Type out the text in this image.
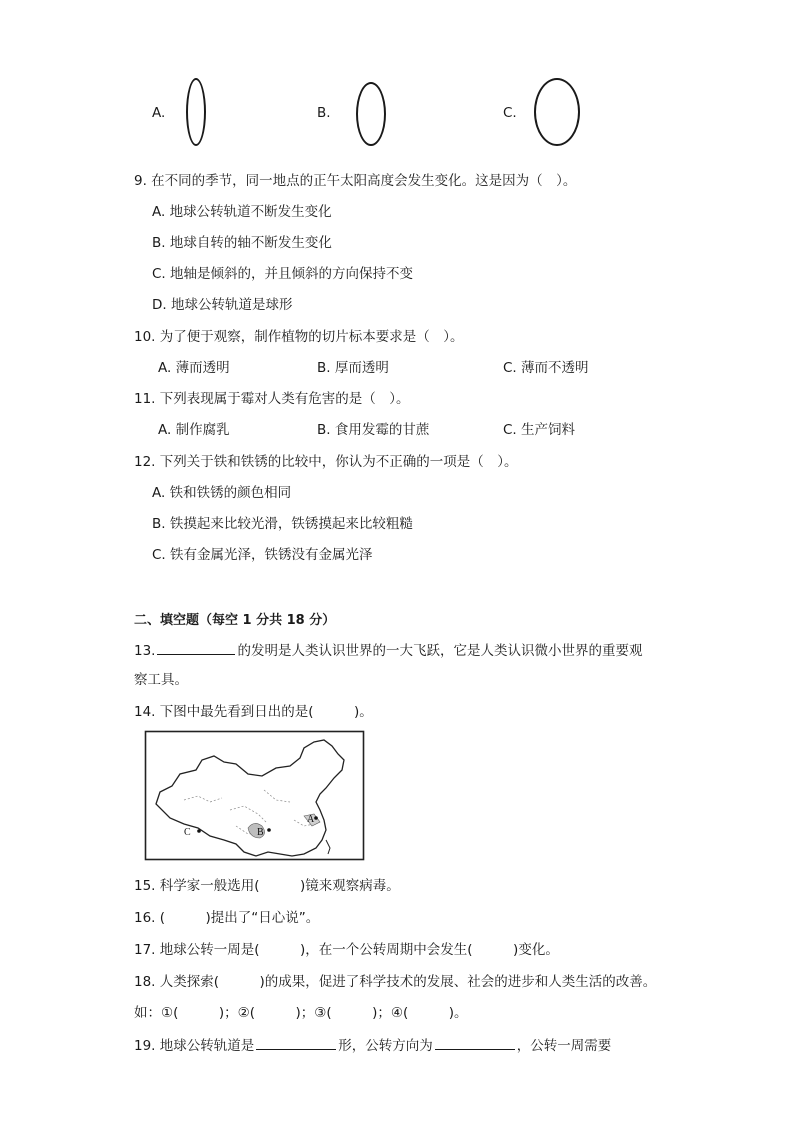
A.	B.	C.
9. 在不同的季节，同一地点的正午太阳高度会发生变化。这是因为（　）。
A. 地球公转轨道不断发生变化
B. 地球自转的轴不断发生变化
C. 地轴是倾斜的，并且倾斜的方向保持不变
D. 地球公转轨道是球形
10. 为了便于观察，制作植物的切片标本要求是（　）。
A. 薄而透明	B. 厚而透明	C. 薄而不透明
11. 下列表现属于霉对人类有危害的是（　）。
A. 制作腐乳	B. 食用发霉的甘蔗	C. 生产饲料
12. 下列关于铁和铁锈的比较中，你认为不正确的一项是（　）。
A. 铁和铁锈的颜色相同
B. 铁摸起来比较光滑，铁锈摸起来比较粗糙
C. 铁有金属光泽，铁锈没有金属光泽
二、填空题（每空 1 分共 18 分）
13.	的发明是人类认识世界的一大飞跃，它是人类认识微小世界的重要观
察工具。
14. 下图中最先看到日出的是(　　　)。
C	B
A
15. 科学家一般选用(　　　)镜来观察病毒。
16. (　　　)提出了“日心说”。
17. 地球公转一周是(　　　)，在一个公转周期中会发生(　　　)变化。
18. 人类探索(　　　)的成果，促进了科学技术的发展、社会的进步和人类生活的改善。
如：①(　　　)；②(　　　)；③(　　　)；④(　　　)。
19. 地球公转轨道是	形，公转方向为	，公转一周需要
